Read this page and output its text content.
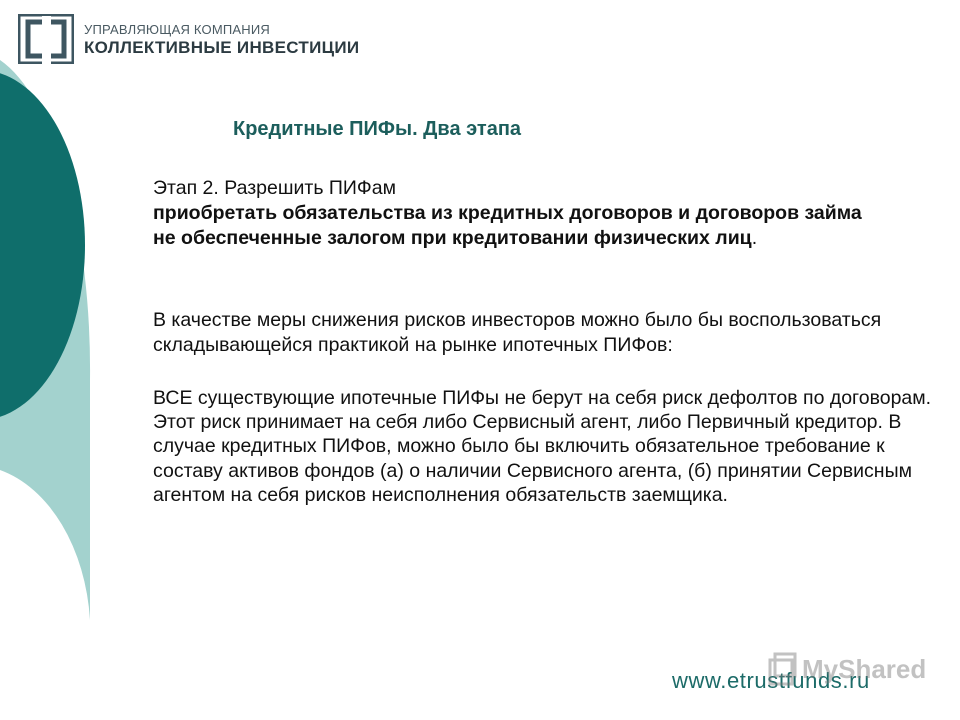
УПРАВЛЯЮЩАЯ КОМПАНИЯ
КОЛЛЕКТИВНЫЕ ИНВЕСТИЦИИ
Кредитные ПИФы. Два этапа
Этап 2. Разрешить ПИФам
приобретать обязательства из кредитных договоров и договоров займа не обеспеченные залогом при кредитовании физических лиц.
В качестве меры снижения рисков инвесторов можно было бы воспользоваться складывающейся практикой на рынке ипотечных ПИФов:
ВСЕ существующие ипотечные ПИФы не берут на себя риск дефолтов по договорам. Этот риск принимает на себя либо Сервисный агент, либо Первичный кредитор. В случае кредитных ПИФов, можно было бы включить обязательное требование к составу активов фондов (а) о наличии Сервисного агента, (б) принятии Сервисным агентом на себя рисков неисполнения обязательств заемщика.
www.etrustfunds.ru
MyShared
